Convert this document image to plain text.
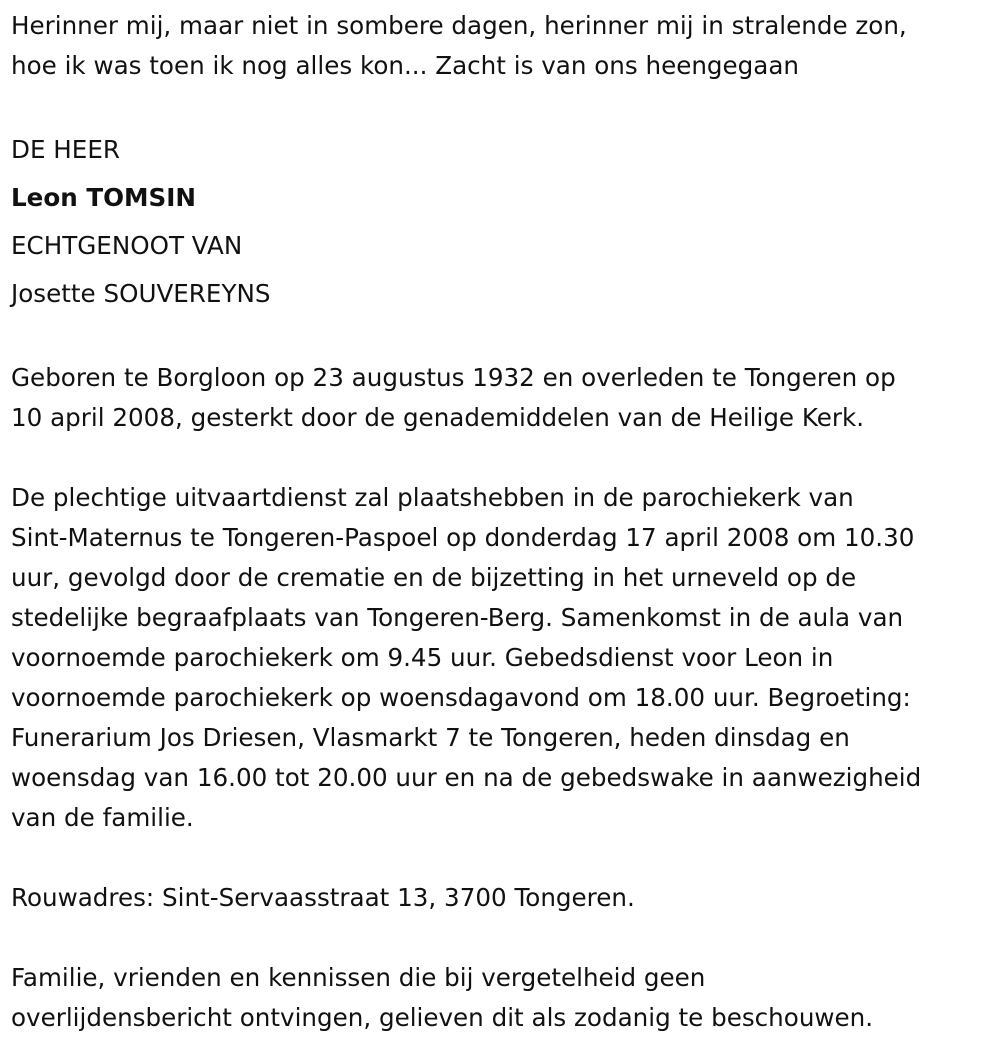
Herinner mij, maar niet in sombere dagen, herinner mij in stralende zon,
hoe ik was toen ik nog alles kon... Zacht is van ons heengegaan
DE HEER
Leon TOMSIN
ECHTGENOOT VAN
Josette SOUVEREYNS
Geboren te Borgloon op 23 augustus 1932 en overleden te Tongeren op
10 april 2008, gesterkt door de genademiddelen van de Heilige Kerk.
De plechtige uitvaartdienst zal plaatshebben in de parochiekerk van
Sint-Maternus te Tongeren-Paspoel op donderdag 17 april 2008 om 10.30
uur, gevolgd door de crematie en de bijzetting in het urneveld op de
stedelijke begraafplaats van Tongeren-Berg. Samenkomst in de aula van
voornoemde parochiekerk om 9.45 uur. Gebedsdienst voor Leon in
voornoemde parochiekerk op woensdagavond om 18.00 uur. Begroeting:
Funerarium Jos Driesen, Vlasmarkt 7 te Tongeren, heden dinsdag en
woensdag van 16.00 tot 20.00 uur en na de gebedswake in aanwezigheid
van de familie.
Rouwadres: Sint-Servaasstraat 13, 3700 Tongeren.
Familie, vrienden en kennissen die bij vergetelheid geen
overlijdensbericht ontvingen, gelieven dit als zodanig te beschouwen.
